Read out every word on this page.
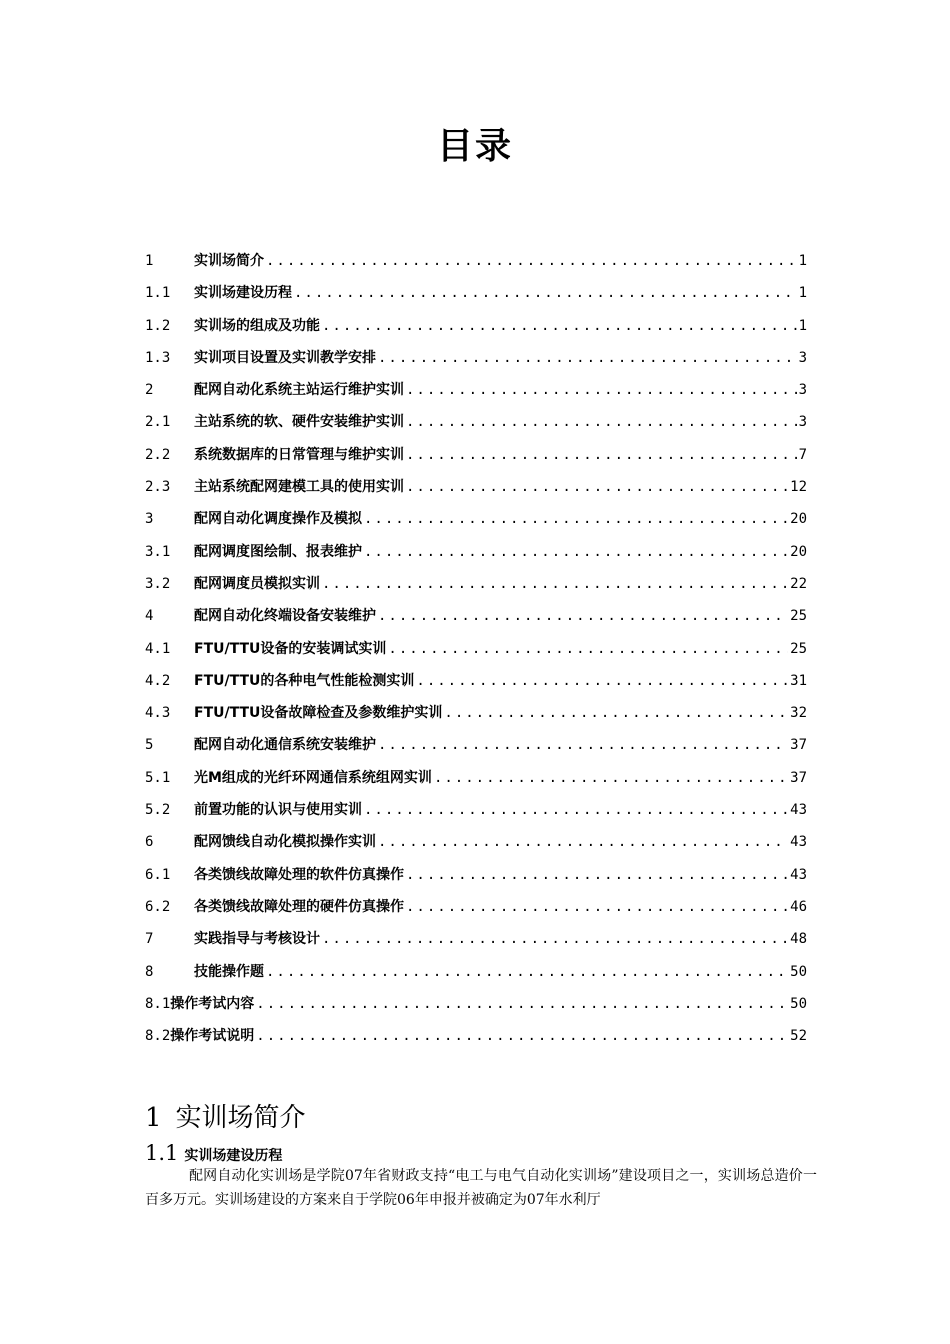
目录
1	实训场简介 .....	1
1.1	实训场建设历程 .....	1
1.2	实训场的组成及功能 .....	1
1.3	实训项目设置及实训教学安排 .....	3
2	配网自动化系统主站运行维护实训 .....	3
2.1	主站系统的软、硬件安装维护实训 .....	3
2.2	系统数据库的日常管理与维护实训 .....	7
2.3	主站系统配网建模工具的使用实训 .....	12
3	配网自动化调度操作及模拟 .....	20
3.1	配网调度图绘制、报表维护 .....	20
3.2	配网调度员模拟实训 .....	22
4	配网自动化终端设备安装维护 .....	25
4.1	FTU/TTU设备的安装调试实训 .....	25
4.2	FTU/TTU的各种电气性能检测实训 .....	31
4.3	FTU/TTU设备故障检查及参数维护实训 .....	32
5	配网自动化通信系统安装维护 .....	37
5.1	光M组成的光纤环网通信系统组网实训 .....	37
5.2	前置功能的认识与使用实训 .....	43
6	配网馈线自动化模拟操作实训 .....	43
6.1	各类馈线故障处理的软件仿真操作 .....	43
6.2	各类馈线故障处理的硬件仿真操作 .....	46
7	实践指导与考核设计 .....	48
8	技能操作题 .....	50
8.1 操作考试内容 .....	50
8.2 操作考试说明 .....	52
1 实训场简介
1.1 实训场建设历程
配网自动化实训场是学院07年省财政支持“电工与电气自动化实训场”建设项目之一，实训场总造价一百多万元。实训场建设的方案来自于学院06年申报并被确定为07年水利厅
